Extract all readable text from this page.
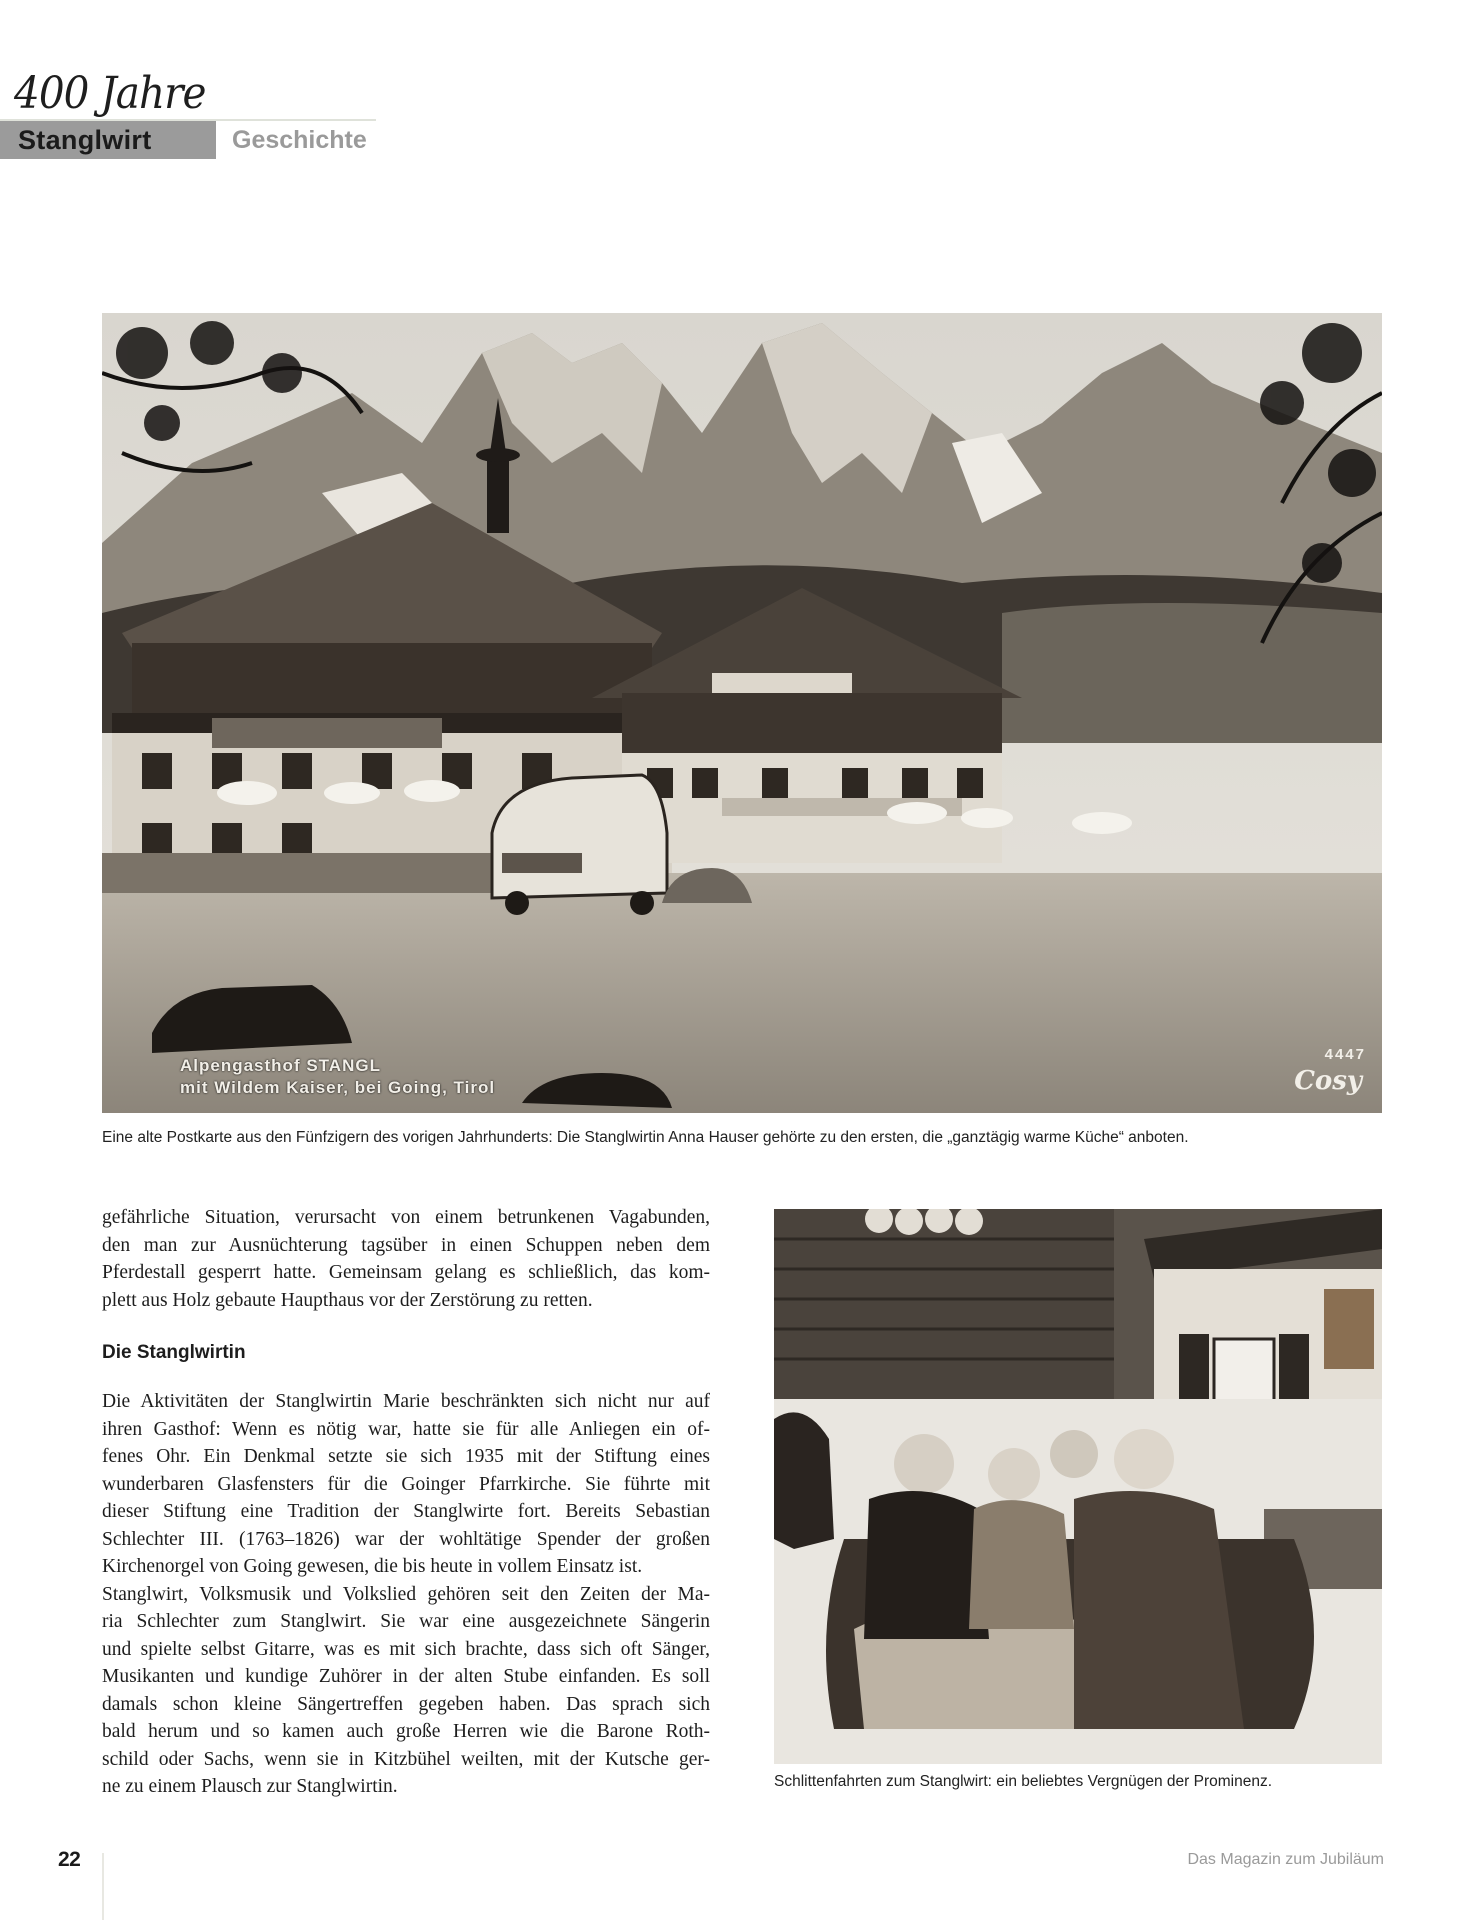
400 Jahre
Stanglwirt	Geschichte
Alpengasthof STANGL
mit Wildem Kaiser, bei Going, Tirol
4447
Cosy
Eine alte Postkarte aus den Fünfzigern des vorigen Jahrhunderts: Die Stanglwirtin Anna Hauser gehörte zu den ersten, die „ganztägig warme Küche“ anboten.

gefährliche Situation, verursacht von einem betrunkenen Vagabunden,
den man zur Ausnüchterung tagsüber in einen Schuppen neben dem
Pferdestall gesperrt hatte. Gemeinsam gelang es schließlich, das kom-
plett aus Holz gebaute Haupthaus vor der Zerstörung zu retten.

Die Stanglwirtin

Die Aktivitäten der Stanglwirtin Marie beschränkten sich nicht nur auf
ihren Gasthof: Wenn es nötig war, hatte sie für alle Anliegen ein of-
fenes Ohr. Ein Denkmal setzte sie sich 1935 mit der Stiftung eines
wunderbaren Glasfensters für die Goinger Pfarrkirche. Sie führte mit
dieser Stiftung eine Tradition der Stanglwirte fort. Bereits Sebastian
Schlechter III. (1763–1826) war der wohltätige Spender der großen
Kirchenorgel von Going gewesen, die bis heute in vollem Einsatz ist.
Stanglwirt, Volksmusik und Volkslied gehören seit den Zeiten der Ma-
ria Schlechter zum Stanglwirt. Sie war eine ausgezeichnete Sängerin
und spielte selbst Gitarre, was es mit sich brachte, dass sich oft Sänger,
Musikanten und kundige Zuhörer in der alten Stube einfanden. Es soll
damals schon kleine Sängertreffen gegeben haben. Das sprach sich
bald herum und so kamen auch große Herren wie die Barone Roth-
schild oder Sachs, wenn sie in Kitzbühel weilten, mit der Kutsche ger-
ne zu einem Plausch zur Stanglwirtin.	Schlittenfahrten zum Stanglwirt: ein beliebtes Vergnügen der Prominenz.
22	Das Magazin zum Jubiläum
